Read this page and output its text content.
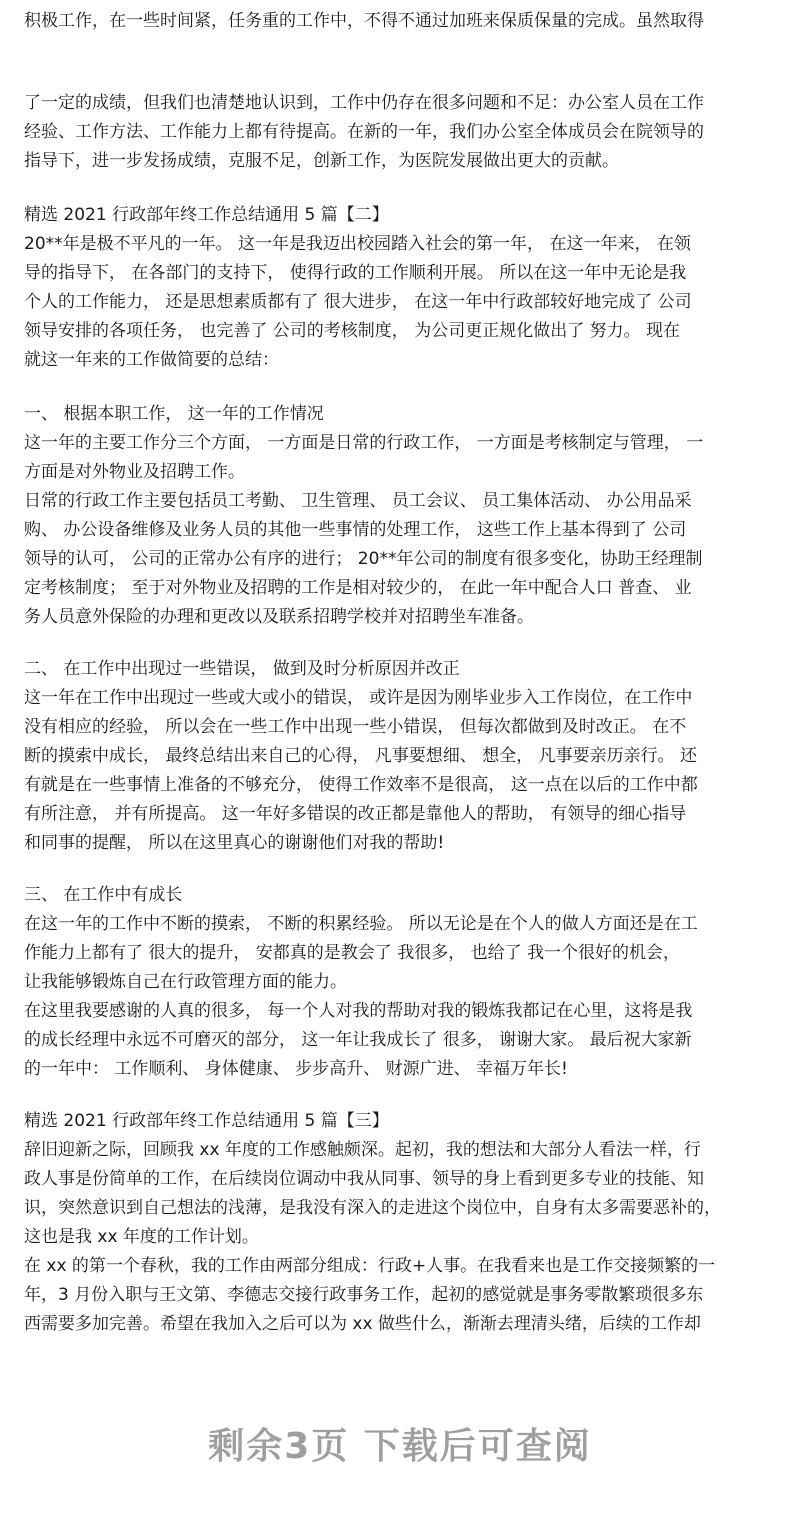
积极工作，在一些时间紧，任务重的工作中，不得不通过加班来保质保量的完成。虽然取得
了一定的成绩，但我们也清楚地认识到，工作中仍存在很多问题和不足：办公室人员在工作
经验、工作方法、工作能力上都有待提高。在新的一年，我们办公室全体成员会在院领导的
指导下，进一步发扬成绩，克服不足，创新工作，为医院发展做出更大的贡献。
精选 2021 行政部年终工作总结通用 5 篇【二】
20**年是极不平凡的一年。 这一年是我迈出校园踏入社会的第一年， 在这一年来， 在领
导的指导下， 在各部门的支持下， 使得行政的工作顺利开展。 所以在这一年中无论是我
个人的工作能力， 还是思想素质都有了 很大进步， 在这一年中行政部较好地完成了 公司
领导安排的各项任务， 也完善了 公司的考核制度， 为公司更正规化做出了 努力。 现在
就这一年来的工作做简要的总结：
一、 根据本职工作， 这一年的工作情况
这一年的主要工作分三个方面， 一方面是日常的行政工作， 一方面是考核制定与管理， 一
方面是对外物业及招聘工作。
日常的行政工作主要包括员工考勤、 卫生管理、 员工会议、 员工集体活动、 办公用品采
购、 办公设备维修及业务人员的其他一些事情的处理工作， 这些工作上基本得到了 公司
领导的认可， 公司的正常办公有序的进行； 20**年公司的制度有很多变化，协助王经理制
定考核制度； 至于对外物业及招聘的工作是相对较少的， 在此一年中配合人口 普查、 业
务人员意外保险的办理和更改以及联系招聘学校并对招聘坐车准备。
二、 在工作中出现过一些错误， 做到及时分析原因并改正
这一年在工作中出现过一些或大或小的错误， 或许是因为刚毕业步入工作岗位，在工作中
没有相应的经验， 所以会在一些工作中出现一些小错误， 但每次都做到及时改正。 在不
断的摸索中成长， 最终总结出来自己的心得， 凡事要想细、 想全， 凡事要亲历亲行。 还
有就是在一些事情上准备的不够充分， 使得工作效率不是很高， 这一点在以后的工作中都
有所注意， 并有所提高。 这一年好多错误的改正都是靠他人的帮助， 有领导的细心指导
和同事的提醒， 所以在这里真心的谢谢他们对我的帮助!
三、 在工作中有成长
在这一年的工作中不断的摸索， 不断的积累经验。 所以无论是在个人的做人方面还是在工
作能力上都有了 很大的提升， 安都真的是教会了 我很多， 也给了 我一个很好的机会，
让我能够锻炼自己在行政管理方面的能力。
在这里我要感谢的人真的很多， 每一个人对我的帮助对我的锻炼我都记在心里，这将是我
的成长经理中永远不可磨灭的部分， 这一年让我成长了 很多， 谢谢大家。 最后祝大家新
的一年中： 工作顺利、 身体健康、 步步高升、 财源广进、 幸福万年长!
精选 2021 行政部年终工作总结通用 5 篇【三】
辞旧迎新之际，回顾我 xx 年度的工作感触颇深。起初，我的想法和大部分人看法一样，行
政人事是份简单的工作，在后续岗位调动中我从同事、领导的身上看到更多专业的技能、知
识，突然意识到自己想法的浅薄，是我没有深入的走进这个岗位中，自身有太多需要恶补的，
这也是我 xx 年度的工作计划。
在 xx 的第一个春秋，我的工作由两部分组成：行政+人事。在我看来也是工作交接频繁的一
年，3 月份入职与王文第、李德志交接行政事务工作，起初的感觉就是事务零散繁琐很多东
西需要多加完善。希望在我加入之后可以为 xx 做些什么，渐渐去理清头绪，后续的工作却
剩余3页 下载后可查阅
